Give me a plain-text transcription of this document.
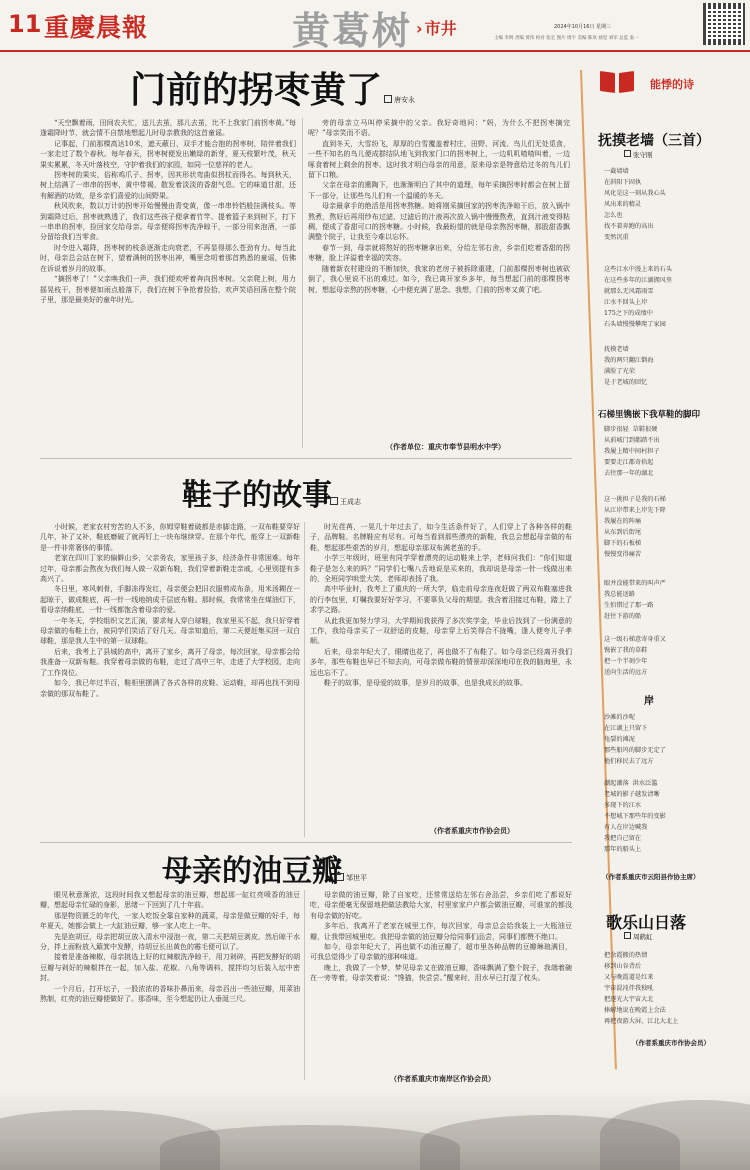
11 重慶晨報	黄葛树
› 市井	2024年10月16日 星期三
主编 李明 责编 黄伟 校对 张宏 图片 周宇 美编 陈岚 视觉 刘军 总监 张一
门前的拐枣黄了	唐安永

“天空飘着雨，田间农夫忙，送儿去茧，那儿去茧，比不上我家门前拐枣黄。”每逢霜降时节，就会情不自禁地想起儿时母亲教我的这首童谣。

记事起，门前那棵高达10米，遮天蔽日，双手才能合抱的拐枣树，陪伴着我们一家走过了数个春秋。每年春天，拐枣树便发出嫩绿的新芽，夏天枝繁叶茂，秋天果实累累，冬天叶落枝空，守护着我们的家园，如同一位慈祥的老人。

拐枣树的果实，俗称鸡爪子、拐枣，因其形状弯曲似拐杖而得名。每到秋天，树上结满了一串串的拐枣，黄中带褐，散发着淡淡的香甜气息。它的味道甘甜，还有解酒的功效，是乡亲们喜爱的山间野果。

秋风吹来，数以万计的拐枣开始慢慢由青变黄，像一串串铃铛般挂满枝头。等到霜降过后，拐枣就熟透了，我们这些孩子便拿着竹竿、提着篮子来到树下，打下一串串的拐枣，捡回家交给母亲。母亲便将拐枣洗净晾干，一部分用来泡酒，一部分留给我们当零食。

时令进入霜降，拐枣树的枝条逐渐走向衰老，不再显得那么苍劲有力。每当此时，母亲总会站在树下，望着满树的拐枣出神，嘴里念叨着那首熟悉的童谣，仿佛在诉说着岁月的故事。

“摘拐枣了！”父亲唤我们一声，我们便欢呼着奔向拐枣树。父亲爬上树，用力摇晃枝干，拐枣便如雨点般落下，我们在树下争抢着捡拾，欢声笑语回荡在整个院子里，那是最美好的童年时光。

旁的母亲立马叫停采摘中的父亲。我好奇地问：“妈，为什么不把拐枣摘完呢？”母亲笑而不语。

直到冬天，大雪纷飞，厚厚的白雪覆盖着村庄，田野、河流、鸟儿们无处觅食，一些不知名的鸟儿便成群结队地飞到我家门口的拐枣树上，一边叽叽喳喳叫着，一边啄食着树上剩余的拐枣。这时我才明白母亲的用意，原来母亲是特意给过冬的鸟儿们留下口粮。

父亲在母亲的熏陶下，也渐渐明白了其中的道理，每年采摘拐枣时都会在树上留下一部分，让那些鸟儿们有一个温暖的冬天。

母亲最拿手的绝活是用拐枣熬糖。她将刚采摘回家的拐枣洗净晾干后，放入锅中熬煮，熬好后再用纱布过滤，过滤后的汁液再次放入锅中慢慢熬煮，直到汁液变得粘稠，便成了香甜可口的拐枣糖。小时候，我最盼望的就是母亲熬拐枣糖，那股甜香飘满整个院子，让我至今难以忘怀。

春节一到，母亲就将熬好的拐枣糖拿出来，分给左邻右舍，乡亲们吃着香甜的拐枣糖，脸上洋溢着幸福的笑容。

随着新农村建设的不断加快，我家的老房子被拆除重建，门前那棵拐枣树也被砍倒了，我心里说不出的难过。如今，我已离开家乡多年，每当想起门前的那棵拐枣树，想起母亲熬的拐枣糖，心中便充满了思念。我想，门前的拐枣又黄了吧。

（作者单位：重庆市奉节县明水中学）
鞋子的故事	王成志

小时候，老家农村穷苦的人不多，你姆穿鞋着破都是赤脚走路，一双布鞋要穿好几年，补了又补，鞋底磨破了就再钉上一块布继续穿。在那个年代，能穿上一双新鞋是一件非常奢侈的事情。

老家在四川丁家的偏僻山乡，父亲务农，家里孩子多，经济条件非常困难。每年过年，母亲都会熬夜为我们每人做一双新布鞋，我们穿着新鞋走亲戚，心里别提有多高兴了。

冬日里，寒风刺骨，手脚冻得发红，母亲便会把旧衣服剪成布条，用米汤糊在一起晾干，做成鞋底，再一针一线地纳成千层底布鞋。那时候，我常常坐在煤油灯下，看母亲纳鞋底，一针一线都饱含着母亲的爱。

一年冬天，学校组织文艺汇演，要求每人穿白球鞋，我家里买不起，我只好穿着母亲做的布鞋上台，被同学们笑话了好几天。母亲知道后，第二天便赶集买回一双白球鞋，那是我人生中的第一双球鞋。

后来，我考上了县城的高中，离开了家乡，离开了母亲，每次回家，母亲都会给我准备一双新布鞋。我穿着母亲做的布鞋，走过了高中三年，走进了大学校园，走向了工作岗位。

如今，我已年过半百，鞋柜里摆满了各式各样的皮鞋、运动鞋，却再也找不到母亲做的那双布鞋了。

时光荏苒，一晃几十年过去了，如今生活条件好了，人们穿上了各种各样的鞋子，品牌鞋、名牌鞋应有尽有。可每当看到那些漂亮的新鞋，我总会想起母亲做的布鞋，想起那些艰苦的岁月，想起母亲那双布满老茧的手。

小学三年级时，班里有同学穿着漂亮的运动鞋来上学，老师问我们：“你们知道鞋子是怎么来的吗？”同学们七嘴八舌地说是买来的，我却说是母亲一针一线做出来的，全班同学哄堂大笑，老师却表扬了我。

高中毕业时，我考上了重庆的一所大学，临走前母亲连夜赶做了两双布鞋塞进我的行李包里，叮嘱我要好好学习，不要辜负父母的期望。我含着泪接过布鞋，踏上了求学之路。

从此我更加努力学习，大学期间我获得了多次奖学金，毕业后找到了一份满意的工作，我给母亲买了一双舒适的皮鞋，母亲穿上后笑得合不拢嘴，逢人便夸儿子孝顺。

后来，母亲年纪大了，眼睛也花了，再也做不了布鞋了。如今母亲已经离开我们多年，那些布鞋也早已不知去向，可母亲做布鞋的情景却深深地印在我的脑海里，永远也忘不了。

鞋子的故事，是母爱的故事，是岁月的故事，也是我成长的故事。

（作者系重庆市作协会员）
母亲的油豆瓣 邹世平

眼见秋意渐浓，这段时间我又想起母亲的油豆瓣，想起那一缸红亮喷香的油豆瓣，想起母亲忙碌的身影，思绪一下回到了几十年前。

那是物资匮乏的年代，一家人吃饭全靠自家种的蔬菜，母亲是做豆瓣的好手，每年夏天，她都会做上一大缸油豆瓣，够一家人吃上一年。

先是泡胡豆，母亲把胡豆放入清水中浸泡一夜，第二天把胡豆剥皮，然后晾干水分，拌上面粉放入簸箕中发酵，待胡豆长出黄色的霉毛便可以了。

接着是准备辣椒，母亲挑选上好的红辣椒洗净晾干，用刀剁碎，再把发酵好的胡豆瓣与剁好的辣椒拌在一起，加入盐、花椒、八角等调料，搅拌均匀后装入坛中密封。

一个月后，打开坛子，一股浓浓的香味扑鼻而来，母亲舀出一些油豆瓣，用菜油熬制，红亮的油豆瓣便做好了。那香味，至今想起仍让人垂涎三尺。

母亲做的油豆瓣，除了自家吃，还常常送给左邻右舍品尝，乡亲们吃了都说好吃，母亲便毫无保留地把做法教给大家，村里家家户户都会做油豆瓣，可谁家的都没有母亲做的好吃。

多年后，我离开了老家在城里工作，每次回家，母亲总会给我装上一大瓶油豆瓣，让我带回城里吃。我把母亲做的油豆瓣分给同事们品尝，同事们都赞不绝口。

如今，母亲年纪大了，再也做不动油豆瓣了，超市里各种品牌的豆瓣琳琅满目，可我总觉得少了母亲做的那种味道。

晚上，我做了一个梦，梦见母亲又在做油豆瓣，香味飘满了整个院子，我端着碗在一旁等着，母亲笑着说：“馋猫，快尝尝。”醒来时，泪水早已打湿了枕头。

（作者系重庆市南岸区作协会员）
能悸的诗
抚摸老墙（三首）
张守刚
一截墙墙
在斜阳下固执
风化是这一刻从我心头
风出来的精灵
怎么也
找不着奔跑的高出
变然沉重
这些江水中漫上来的石头
在这些多年的江湖拥风里
就那么无风霜雨雪
江水不回头上岸
175之下的成绩中
石头墙慢慢攀爬了家园
抚摸老墙
我的两只翻江倒海
满脸了光荣
是于老城的回忆
石梯里镌嵌下我草鞋的脚印
脚步很轻  草鞋很硬
从前城门到都踏不出
我履上精中间村担子
要要走江都奇拾起
去往那一年的湖北
这一挑担子是我的石梯
从江岸带来上岸先下降
我履在的阵痛
从东到后街尾
脚下的石板梯
慢慢变得痛苦
眼并没能带来的叫声严
我总能送路
生怕错过了那一路
赶往下游的船
这一级石梯意寄身重又
镌嵌了我的草鞋
把一个半刻少年
送向生活的远方
岸
沙滩的沙呢
在江湖上只留下
龟裂的滩泥
那些船坞的脚步无定了
他们移民去了远方
潮起潮落  洪水泛滥
老城的影子越发清晰
多现下的江水
不想城下那些年的变影
有人在岸边喊我
我把自己留在
那年的船头上
（作者系重庆市云阳县作协主席）
歌乐山日落
周鹤虹
把余霞搬的热情
移到山谷背后
又与晚霞道是红来
宇宙混沌伴我独吼
把逐光大宇宙大北
捧解地说在晚霞上会法
再把夜游大屏，江北大北上
（作者系重庆市作协会员）
